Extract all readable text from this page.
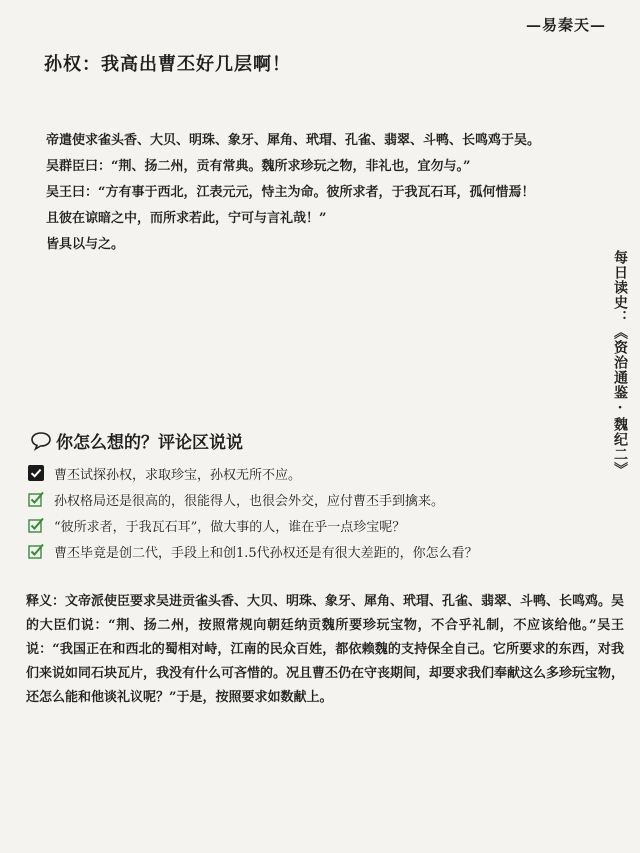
—易秦天—
孙权：我高出曹丕好几层啊！

帝遣使求雀头香、大贝、明珠、象牙、犀角、玳瑁、孔雀、翡翠、斗鸭、长鸣鸡于吴。

吴群臣曰：“荆、扬二州，贡有常典。魏所求珍玩之物，非礼也，宜勿与。”

吴王曰：“方有事于西北，江表元元，恃主为命。彼所求者，于我瓦石耳，孤何惜焉！

且彼在谅暗之中，而所求若此，宁可与言礼哉！”

皆具以与之。

每日读史：《资治通鉴·魏纪二》
你怎么想的？评论区说说
曹丕试探孙权，求取珍宝，孙权无所不应。
孙权格局还是很高的，很能得人，也很会外交，应付曹丕手到擒来。
“彼所求者，于我瓦石耳”，做大事的人，谁在乎一点珍宝呢？
曹丕毕竟是创二代，手段上和创1.5代孙权还是有很大差距的，你怎么看？
释义：文帝派使臣要求吴进贡雀头香、大贝、明珠、象牙、犀角、玳瑁、孔雀、翡翠、斗鸭、长鸣鸡。吴的大臣们说：“荆、扬二州，按照常规向朝廷纳贡魏所要珍玩宝物，不合乎礼制，不应该给他。”吴王说：“我国正在和西北的蜀相对峙，江南的民众百姓，都依赖魏的支持保全自己。它所要求的东西，对我们来说如同石块瓦片，我没有什么可吝惜的。况且曹丕仍在守丧期间，却要求我们奉献这么多珍玩宝物，还怎么能和他谈礼议呢？”于是，按照要求如数献上。
